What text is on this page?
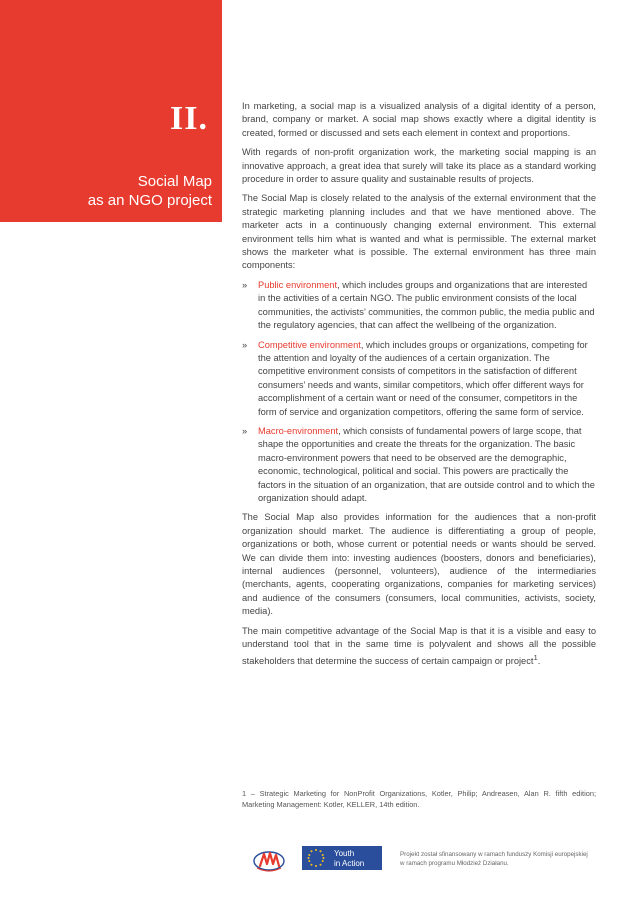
II.
Social Map
as an NGO project

In marketing, a social map is a visualized analysis of a digital identity of a person, brand, company or market. A social map shows exactly where a digital identity is created, formed or discussed and sets each element in context and proportions.

With regards of non-profit organization work, the marketing social mapping is an innovative approach, a great idea that surely will take its place as a standard working procedure in order to assure quality and sustainable results of projects.

The Social Map is closely related to the analysis of the external environment that the strategic marketing planning includes and that we have mentioned above. The marketer acts in a continuously changing external environment. This external environment tells him what is wanted and what is permissible. The external market shows the marketer what is possible. The external environment has three main components:

» Public environment, which includes groups and organizations that are interested in the activities of a certain NGO. The public environment consists of the local communities, the activists’ communities, the common public, the media public and the regulatory agencies, that can affect the wellbeing of the organization.
» Competitive environment, which includes groups or organizations, competing for the attention and loyalty of the audiences of a certain organization. The competitive environment consists of competitors in the satisfaction of different consumers’ needs and wants, similar competitors, which offer different ways for accomplishment of a certain want or need of the consumer, competitors in the form of service and organization competitors, offering the same form of service.
» Macro-environment, which consists of fundamental powers of large scope, that shape the opportunities and create the threats for the organization. The basic macro-environment powers that need to be observed are the demographic, economic, technological, political and social. This powers are practically the factors in the situation of an organization, that are outside control and to which the organization should adapt.

The Social Map also provides information for the audiences that a non-profit organization should market. The audience is differentiating a group of people, organizations or both, whose current or potential needs or wants should be served. We can divide them into: investing audiences (boosters, donors and beneficiaries), internal audiences (personnel, volunteers), audience of the intermediaries (merchants, agents, cooperating organizations, companies for marketing services) and audience of the consumers (consumers, local communities, activists, society, media).

The main competitive advantage of the Social Map is that it is a visible and easy to understand tool that in the same time is polyvalent and shows all the possible stakeholders that determine the success of certain campaign or project$^1$.

1 – Strategic Marketing for NonProfit Organizations, Kotler, Philip; Andreasen, Alan R. fifth edition; Marketing Management: Kotler, KELLER, 14th edition.
Youth
in Action
Projekt został sfinansowany w ramach funduszy Komisji europejskiej
w ramach programu Młodzież Działanu.
